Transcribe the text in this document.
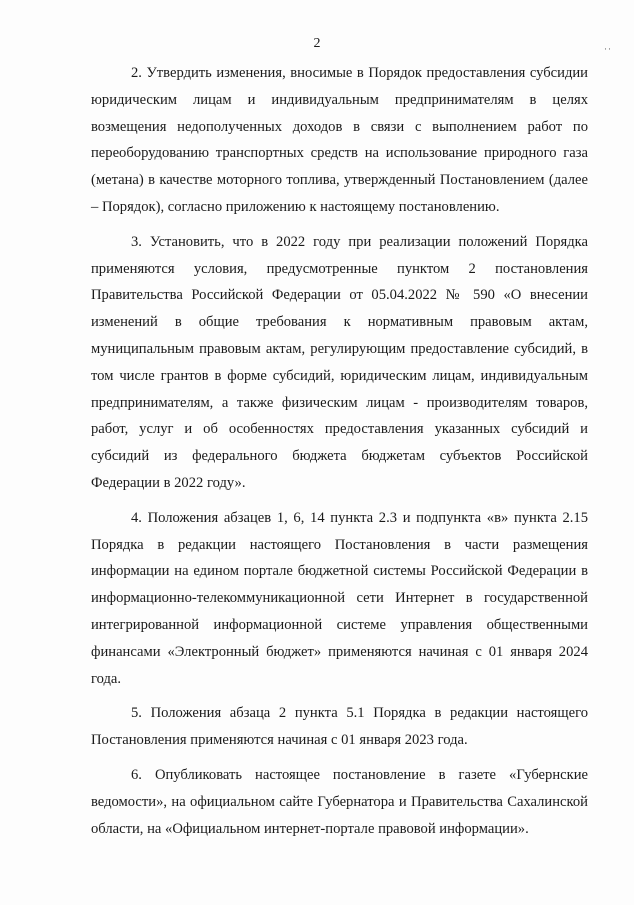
2	··

2. Утвердить изменения, вносимые в Порядок предоставления субсидии юридическим лицам и индивидуальным предпринимателям в целях возмещения недополученных доходов в связи с выполнением работ по переоборудованию транспортных средств на использование природного газа (метана) в качестве моторного топлива, утвержденный Постановлением (далее – Порядок), согласно приложению к настоящему постановлению.

3. Установить, что в 2022 году при реализации положений Порядка применяются условия, предусмотренные пунктом 2 постановления Правительства Российской Федерации от 05.04.2022 № 590 «О внесении изменений в общие требования к нормативным правовым актам, муниципальным правовым актам, регулирующим предоставление субсидий, в том числе грантов в форме субсидий, юридическим лицам, индивидуальным предпринимателям, а также физическим лицам - производителям товаров, работ, услуг и об особенностях предоставления указанных субсидий и субсидий из федерального бюджета бюджетам субъектов Российской Федерации в 2022 году».

4. Положения абзацев 1, 6, 14 пункта 2.3 и подпункта «в» пункта 2.15 Порядка в редакции настоящего Постановления в части размещения информации на едином портале бюджетной системы Российской Федерации в информационно-телекоммуникационной сети Интернет в государственной интегрированной информационной системе управления общественными финансами «Электронный бюджет» применяются начиная с 01 января 2024 года.

5. Положения абзаца 2 пункта 5.1 Порядка в редакции настоящего Постановления применяются начиная с 01 января 2023 года.

6. Опубликовать настоящее постановление в газете «Губернские ведомости», на официальном сайте Губернатора и Правительства Сахалинской области, на «Официальном интернет-портале правовой информации».
